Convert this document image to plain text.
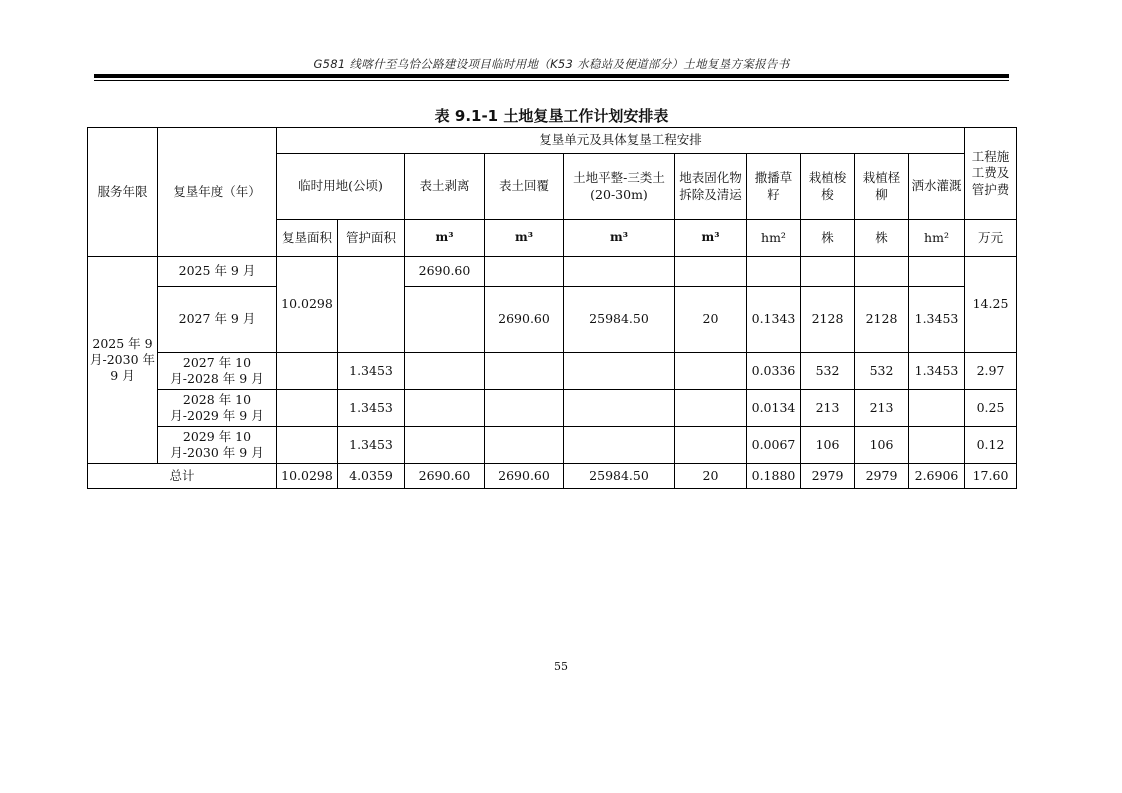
G581 线喀什至乌恰公路建设项目临时用地（K53 水稳站及便道部分）土地复垦方案报告书
表 9.1-1 土地复垦工作计划安排表
服务年限	复垦年度（年）	复垦单元及具体复垦工程安排										工程施工费及管护费
		临时用地(公顷)		表土剥离	表土回覆	土地平整-三类土(20-30m)	地表固化物拆除及清运	撒播草籽	栽植梭梭	栽植柽柳	洒水灌溉	
		复垦面积	管护面积	m³	m³	m³	m³	hm²	株	株	hm²	万元
2025 年 9 月-2030 年 9 月	2025 年 9 月	10.0298		2690.60								14.25
	2027 年 9 月				2690.60	25984.50	20	0.1343	2128	2128	1.3453	
	2027 年 10 月-2028 年 9 月		1.3453					0.0336	532	532	1.3453	2.97
	2028 年 10 月-2029 年 9 月		1.3453					0.0134	213	213		0.25
	2029 年 10 月-2030 年 9 月		1.3453					0.0067	106	106		0.12
总计		10.0298	4.0359	2690.60	2690.60	25984.50	20	0.1880	2979	2979	2.6906	17.60
55
